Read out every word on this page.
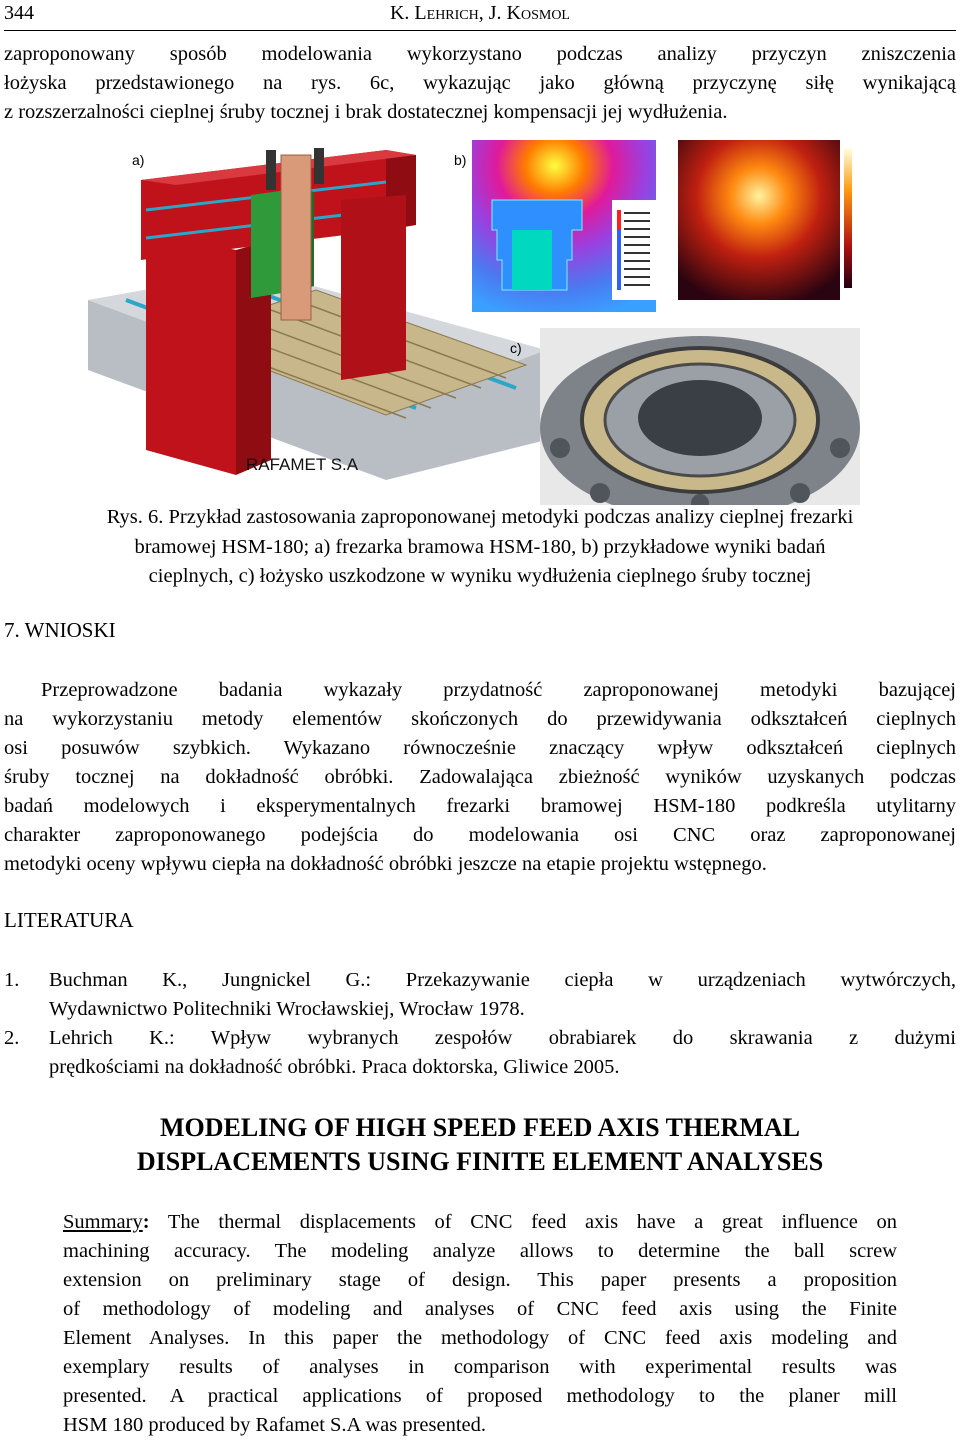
344	K. Lehrich, J. Kosmol
zaproponowany sposób modelowania wykorzystano podczas analizy przyczyn zniszczenia
łożyska przedstawionego na rys. 6c, wykazując jako główną przyczynę siłę wynikającą
z rozszerzalności cieplnej śruby tocznej i brak dostatecznej kompensacji jej wydłużenia.
RAFAMET S.A
a)	b)
c)
Rys. 6. Przykład zastosowania zaproponowanej metodyki podczas analizy cieplnej frezarki
bramowej HSM-180; a) frezarka bramowa HSM-180, b) przykładowe wyniki badań
cieplnych, c) łożysko uszkodzone w wyniku wydłużenia cieplnego śruby tocznej
7. WNIOSKI
Przeprowadzone badania wykazały przydatność zaproponowanej metodyki bazującej
na wykorzystaniu metody elementów skończonych do przewidywania odkształceń cieplnych
osi posuwów szybkich. Wykazano równocześnie znaczący wpływ odkształceń cieplnych
śruby tocznej na dokładność obróbki. Zadowalająca zbieżność wyników uzyskanych podczas
badań modelowych i eksperymentalnych frezarki bramowej HSM-180 podkreśla utylitarny
charakter zaproponowanego podejścia do modelowania osi CNC oraz zaproponowanej
metodyki oceny wpływu ciepła na dokładność obróbki jeszcze na etapie projektu wstępnego.
LITERATURA
1. Buchman K., Jungnickel G.: Przekazywanie ciepła w urządzeniach wytwórczych,
Wydawnictwo Politechniki Wrocławskiej, Wrocław 1978.
2. Lehrich K.: Wpływ wybranych zespołów obrabiarek do skrawania z dużymi
prędkościami na dokładność obróbki. Praca doktorska, Gliwice 2005.
MODELING OF HIGH SPEED FEED AXIS THERMAL
DISPLACEMENTS USING FINITE ELEMENT ANALYSES
Summary: The thermal displacements of CNC feed axis have a great influence on
machining accuracy. The modeling analyze allows to determine the ball screw
extension on preliminary stage of design. This paper presents a proposition
of methodology of modeling and analyses of CNC feed axis using the Finite
Element Analyses. In this paper the methodology of CNC feed axis modeling and
exemplary results of analyses in comparison with experimental results was
presented. A practical applications of proposed methodology to the planer mill
HSM 180 produced by Rafamet S.A was presented.
